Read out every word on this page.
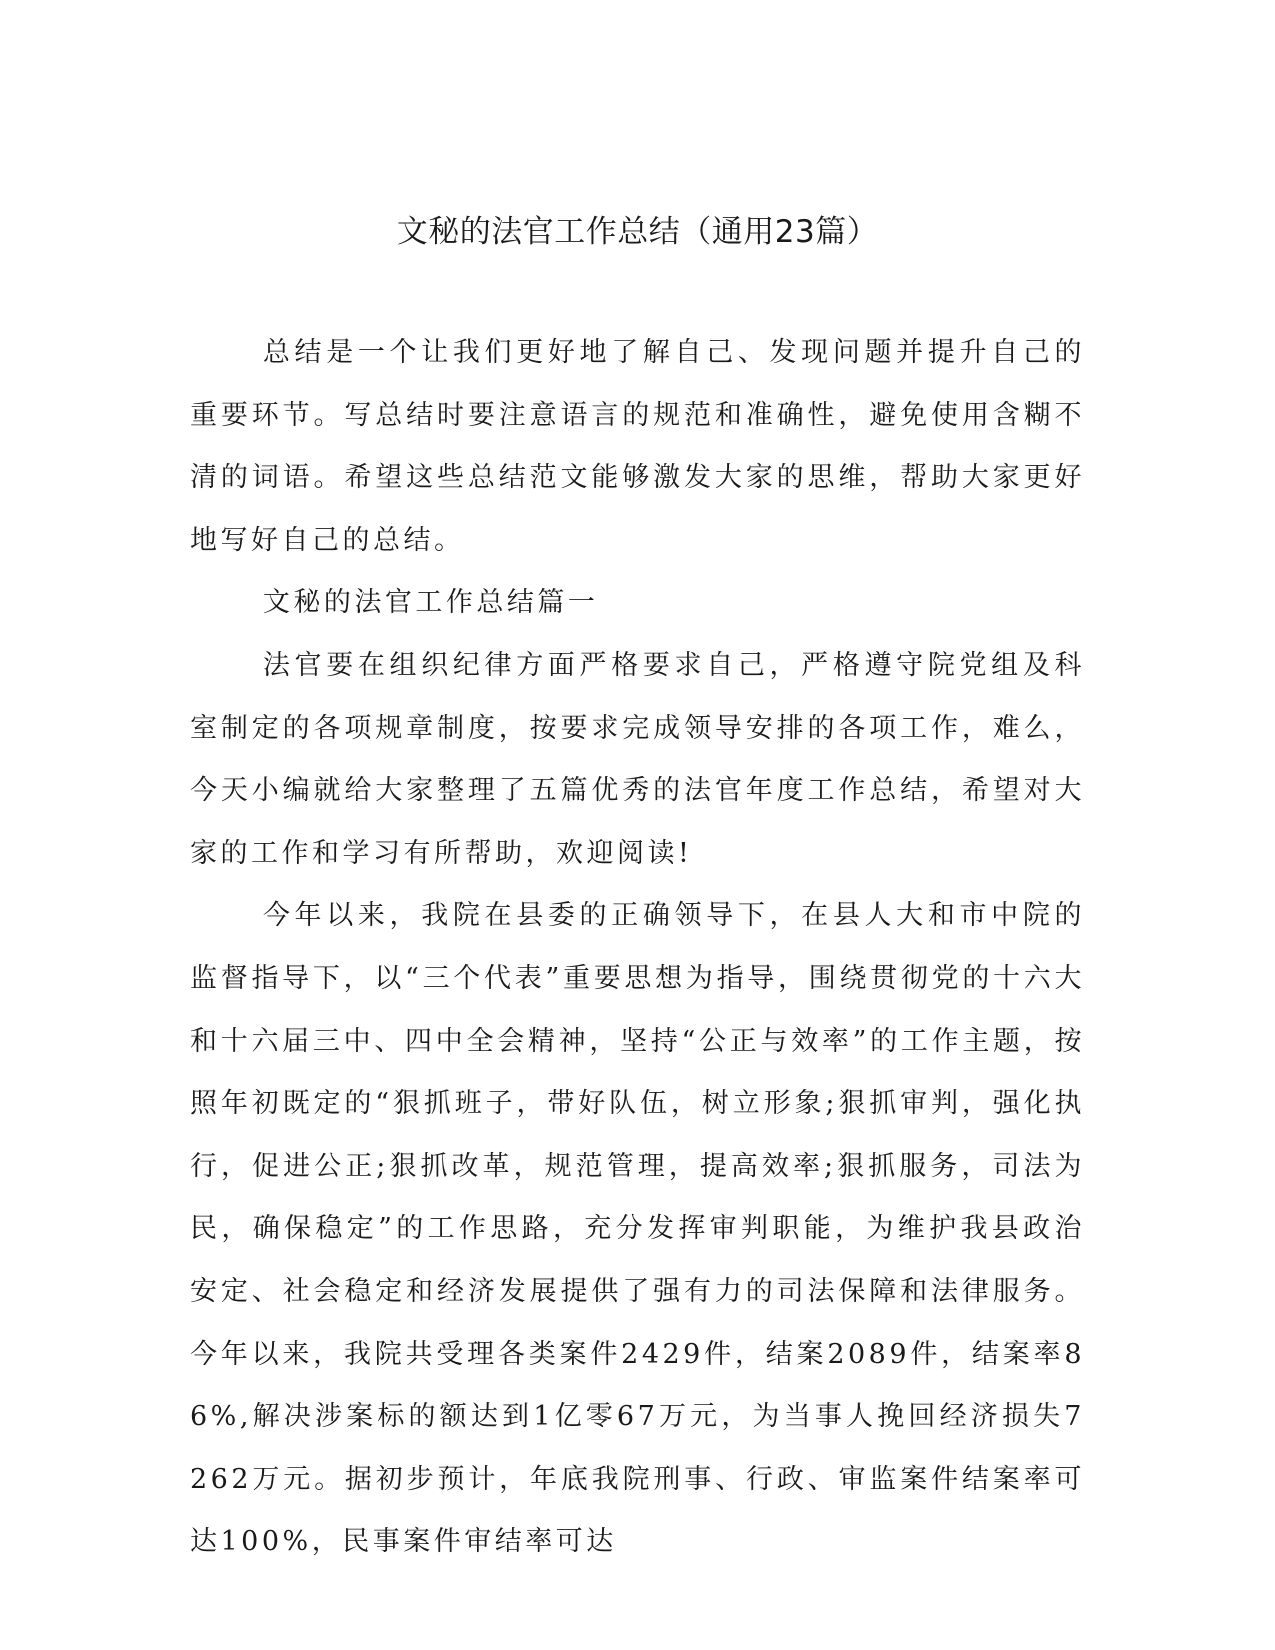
文秘的法官工作总结（通用23篇）

总结是一个让我们更好地了解自己、发现问题并提升自己的重要环节。写总结时要注意语言的规范和准确性，避免使用含糊不清的词语。希望这些总结范文能够激发大家的思维，帮助大家更好地写好自己的总结。

文秘的法官工作总结篇一

法官要在组织纪律方面严格要求自己，严格遵守院党组及科室制定的各项规章制度，按要求完成领导安排的各项工作，难么，今天小编就给大家整理了五篇优秀的法官年度工作总结，希望对大家的工作和学习有所帮助，欢迎阅读!

今年以来，我院在县委的正确领导下，在县人大和市中院的监督指导下，以“三个代表”重要思想为指导，围绕贯彻党的十六大和十六届三中、四中全会精神，坚持“公正与效率”的工作主题，按照年初既定的“狠抓班子，带好队伍，树立形象;狠抓审判，强化执行，促进公正;狠抓改革，规范管理，提高效率;狠抓服务，司法为民，确保稳定”的工作思路，充分发挥审判职能，为维护我县政治安定、社会稳定和经济发展提供了强有力的司法保障和法律服务。今年以来，我院共受理各类案件2429件，结案2089件，结案率86%,解决涉案标的额达到1亿零67万元，为当事人挽回经济损失7262万元。据初步预计，年底我院刑事、行政、审监案件结案率可达100%，民事案件审结率可达
